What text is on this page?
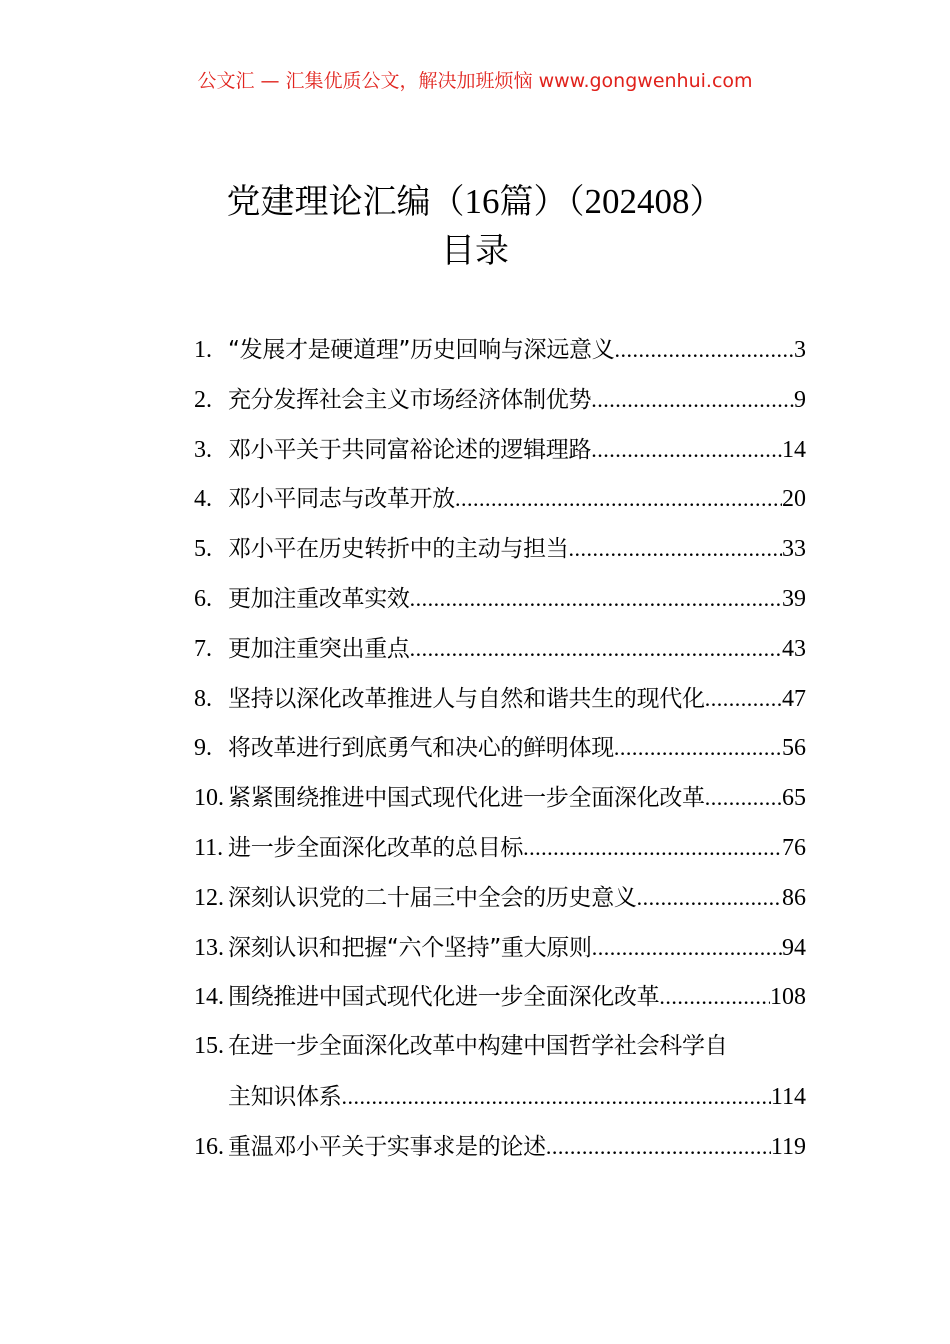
公文汇 — 汇集优质公文，解决加班烦恼 www.gongwenhui.com
党建理论汇编（16篇）（202408）
目录
1. “发展才是硬道理”历史回响与深远意义 .....	3
2. 充分发挥社会主义市场经济体制优势 .....	9
3. 邓小平关于共同富裕论述的逻辑理路 .....	14
4. 邓小平同志与改革开放 .....	20
5. 邓小平在历史转折中的主动与担当 .....	33
6. 更加注重改革实效 .....	39
7. 更加注重突出重点 .....	43
8. 坚持以深化改革推进人与自然和谐共生的现代化 .....	47
9. 将改革进行到底勇气和决心的鲜明体现 .....	56
10. 紧紧围绕推进中国式现代化进一步全面深化改革 .....	65
11. 进一步全面深化改革的总目标 .....	76
12. 深刻认识党的二十届三中全会的历史意义 .....	86
13. 深刻认识和把握“六个坚持”重大原则 .....	94
14. 围绕推进中国式现代化进一步全面深化改革 .....	108
15. 在进一步全面深化改革中构建中国哲学社会科学自
主知识体系 .....	114
16. 重温邓小平关于实事求是的论述 .....	119
